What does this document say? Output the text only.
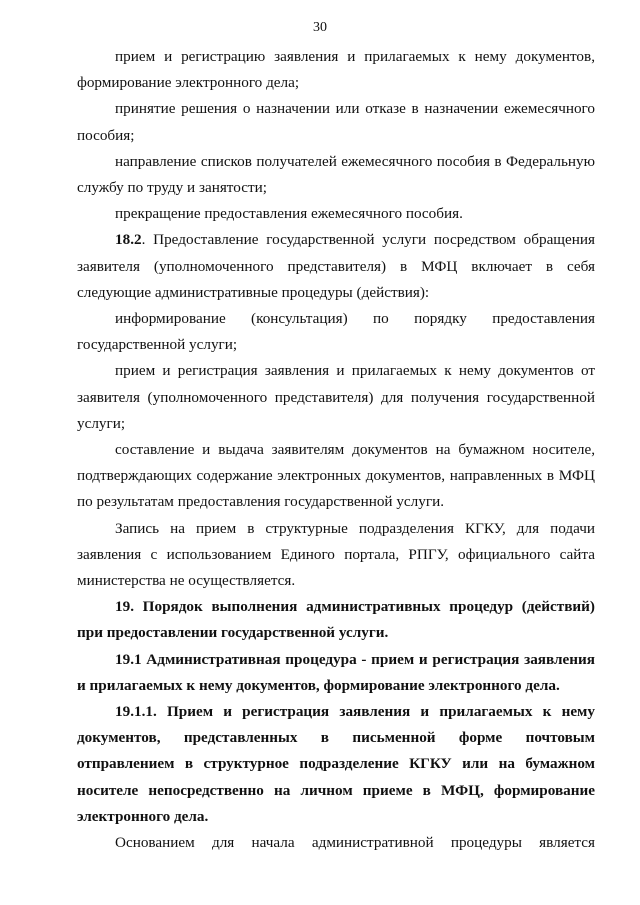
30

прием и регистрацию заявления и прилагаемых к нему документов, формирование электронного дела;

принятие решения о назначении или отказе в назначении ежемесячного пособия;

направление списков получателей ежемесячного пособия в Федеральную службу по труду и занятости;

прекращение предоставления ежемесячного пособия.

18.2. Предоставление государственной услуги посредством обращения заявителя (уполномоченного представителя) в МФЦ включает в себя следующие административные процедуры (действия):

информирование (консультация) по порядку предоставления государственной услуги;

прием и регистрация заявления и прилагаемых к нему документов от заявителя (уполномоченного представителя) для получения государственной услуги;

составление и выдача заявителям документов на бумажном носителе, подтверждающих содержание электронных документов, направленных в МФЦ по результатам предоставления государственной услуги.

Запись на прием в структурные подразделения КГКУ, для подачи заявления с использованием Единого портала, РПГУ, официального сайта министерства не осуществляется.

19. Порядок выполнения административных процедур (действий) при предоставлении государственной услуги.

19.1 Административная процедура - прием и регистрация заявления и прилагаемых к нему документов, формирование электронного дела.

19.1.1. Прием и регистрация заявления и прилагаемых к нему документов, представленных в письменной форме почтовым отправлением в структурное подразделение КГКУ или на бумажном носителе непосредственно на личном приеме в МФЦ, формирование электронного дела.

Основанием для начала административной процедуры является
